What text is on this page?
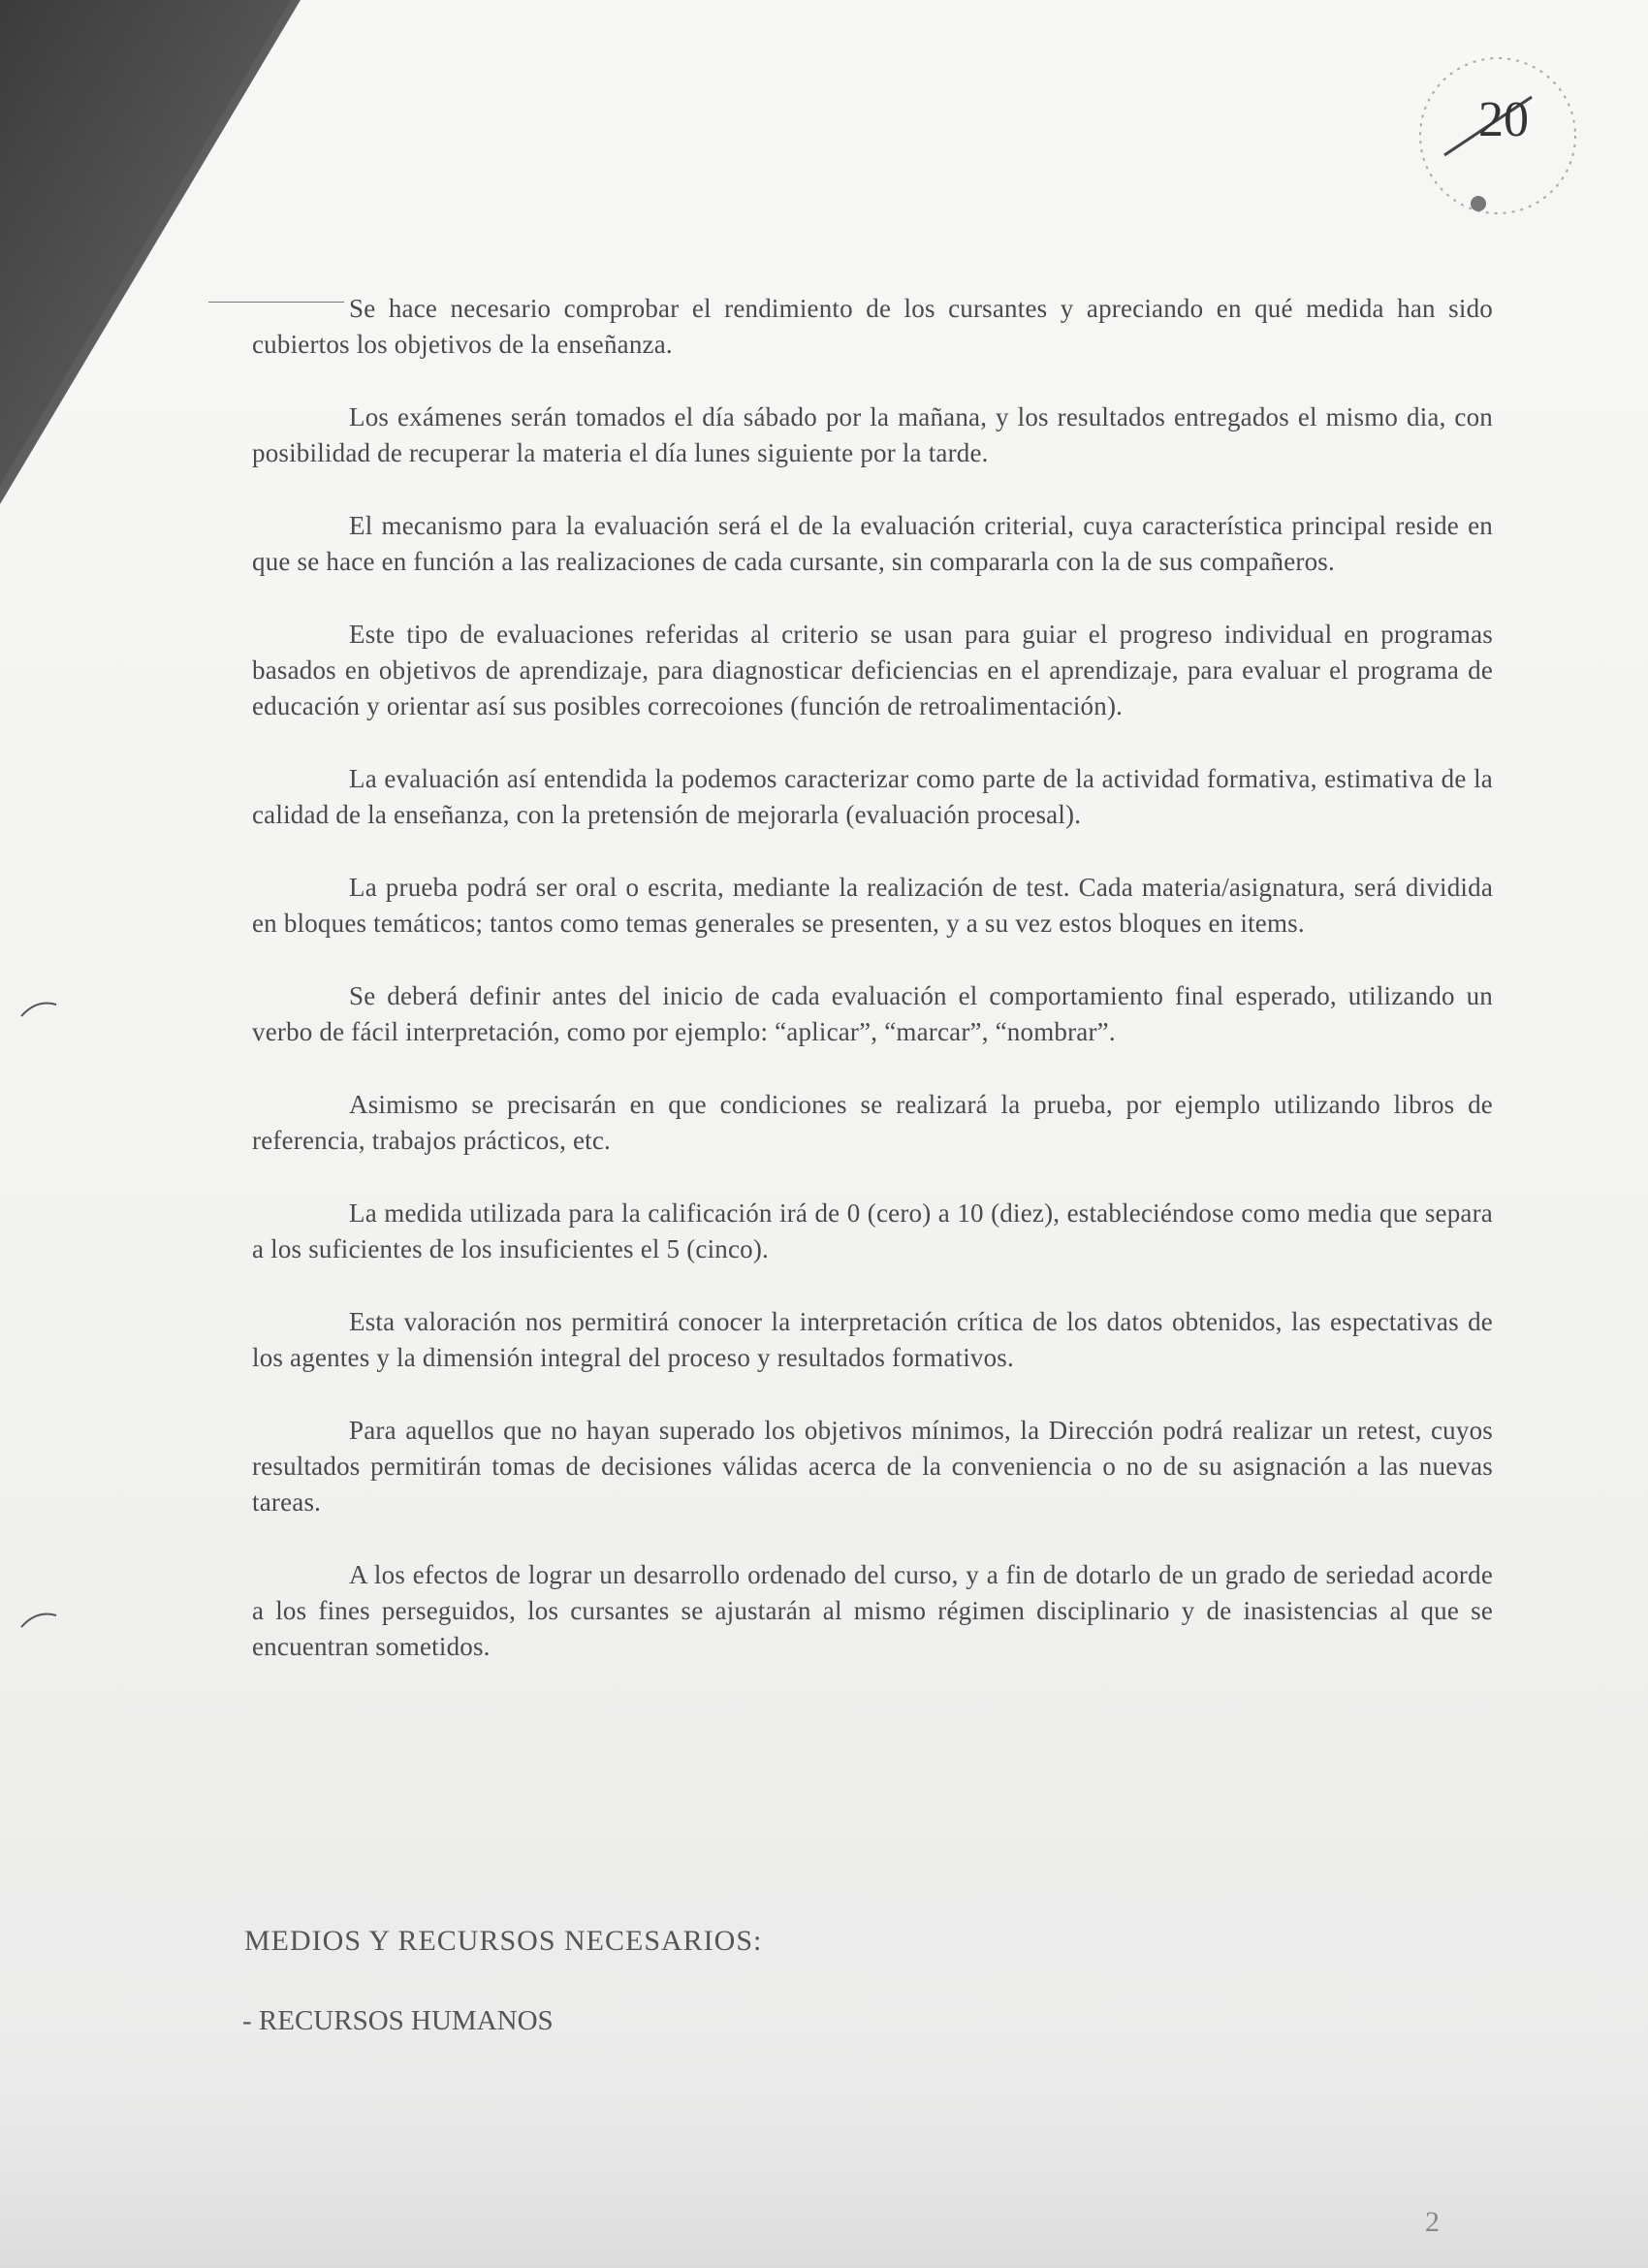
20

Se hace necesario comprobar el rendimiento de los cursantes y apreciando en qué medida han sido cubiertos los objetivos de la enseñanza.

Los exámenes serán tomados el día sábado por la mañana, y los resultados entregados el mismo dia, con posibilidad de recuperar la materia el día lunes siguiente por la tarde.

El mecanismo para la evaluación será el de la evaluación criterial, cuya característica principal reside en que se hace en función a las realizaciones de cada cursante, sin compararla con la de sus compañeros.

Este tipo de evaluaciones referidas al criterio se usan para guiar el progreso individual en programas basados en objetivos de aprendizaje, para diagnosticar deficiencias en el aprendizaje, para evaluar el programa de educación y orientar así sus posibles correcoiones (función de retroalimentación).

La evaluación así entendida la podemos caracterizar como parte de la actividad formativa, estimativa de la calidad de la enseñanza, con la pretensión de mejorarla (evaluación procesal).

La prueba podrá ser oral o escrita, mediante la realización de test. Cada materia/asignatura, será dividida en bloques temáticos; tantos como temas generales se presenten, y a su vez estos bloques en items.

Se deberá definir antes del inicio de cada evaluación el comportamiento final esperado, utilizando un verbo de fácil interpretación, como por ejemplo: “aplicar”, “marcar”, “nombrar”.

Asimismo se precisarán en que condiciones se realizará la prueba, por ejemplo utilizando libros de referencia, trabajos prácticos, etc.

La medida utilizada para la calificación irá de 0 (cero) a 10 (diez), estableciéndose como media que separa a los suficientes de los insuficientes el 5 (cinco).

Esta valoración nos permitirá conocer la interpretación crítica de los datos obtenidos, las espectativas de los agentes y la dimensión integral del proceso y resultados formativos.

Para aquellos que no hayan superado los objetivos mínimos, la Dirección podrá realizar un retest, cuyos resultados permitirán tomas de decisiones válidas acerca de la conveniencia o no de su asignación a las nuevas tareas.

A los efectos de lograr un desarrollo ordenado del curso, y a fin de dotarlo de un grado de seriedad acorde a los fines perseguidos, los cursantes se ajustarán al mismo régimen disciplinario y de inasistencias al que se encuentran sometidos.

MEDIOS Y RECURSOS NECESARIOS:
- RECURSOS HUMANOS
2
